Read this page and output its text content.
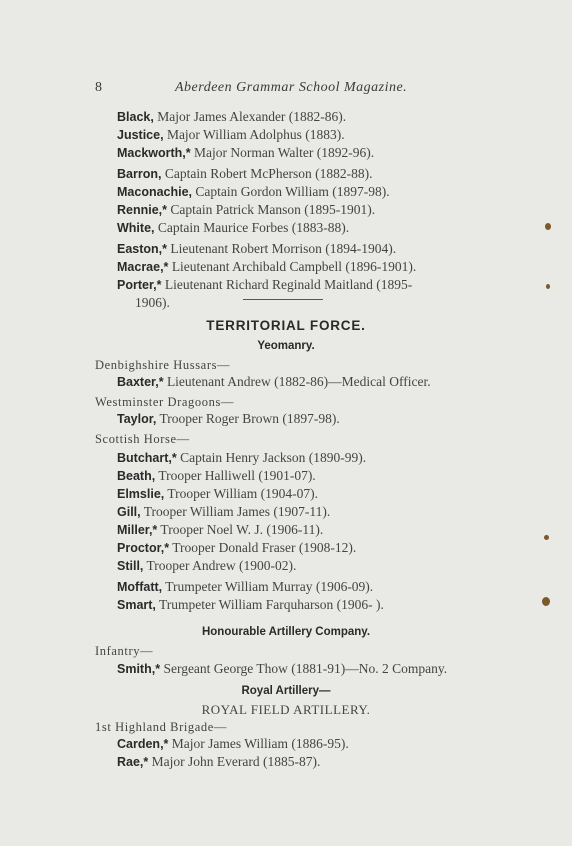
8	Aberdeen Grammar School Magazine.
Black, Major James Alexander (1882-86).
Justice, Major William Adolphus (1883).
Mackworth,* Major Norman Walter (1892-96).
Barron, Captain Robert McPherson (1882-88).
Maconachie, Captain Gordon William (1897-98).
Rennie,* Captain Patrick Manson (1895-1901).
White, Captain Maurice Forbes (1883-88).
Easton,* Lieutenant Robert Morrison (1894-1904).
Macrae,* Lieutenant Archibald Campbell (1896-1901).
Porter,* Lieutenant Richard Reginald Maitland (1895-
1906).
TERRITORIAL FORCE.
Yeomanry.
Denbighshire Hussars—
Baxter,* Lieutenant Andrew (1882-86)—Medical Officer.
Westminster Dragoons—
Taylor, Trooper Roger Brown (1897-98).
Scottish Horse—
Butchart,* Captain Henry Jackson (1890-99).
Beath, Trooper Halliwell (1901-07).
Elmslie, Trooper William (1904-07).
Gill, Trooper William James (1907-11).
Miller,* Trooper Noel W. J. (1906-11).
Proctor,* Trooper Donald Fraser (1908-12).
Still, Trooper Andrew (1900-02).
Moffatt, Trumpeter William Murray (1906-09).
Smart, Trumpeter William Farquharson (1906- ).
Honourable Artillery Company.
Infantry—
Smith,* Sergeant George Thow (1881-91)—No. 2 Company.
Royal Artillery—
ROYAL FIELD ARTILLERY.
1st Highland Brigade—
Carden,* Major James William (1886-95).
Rae,* Major John Everard (1885-87).
